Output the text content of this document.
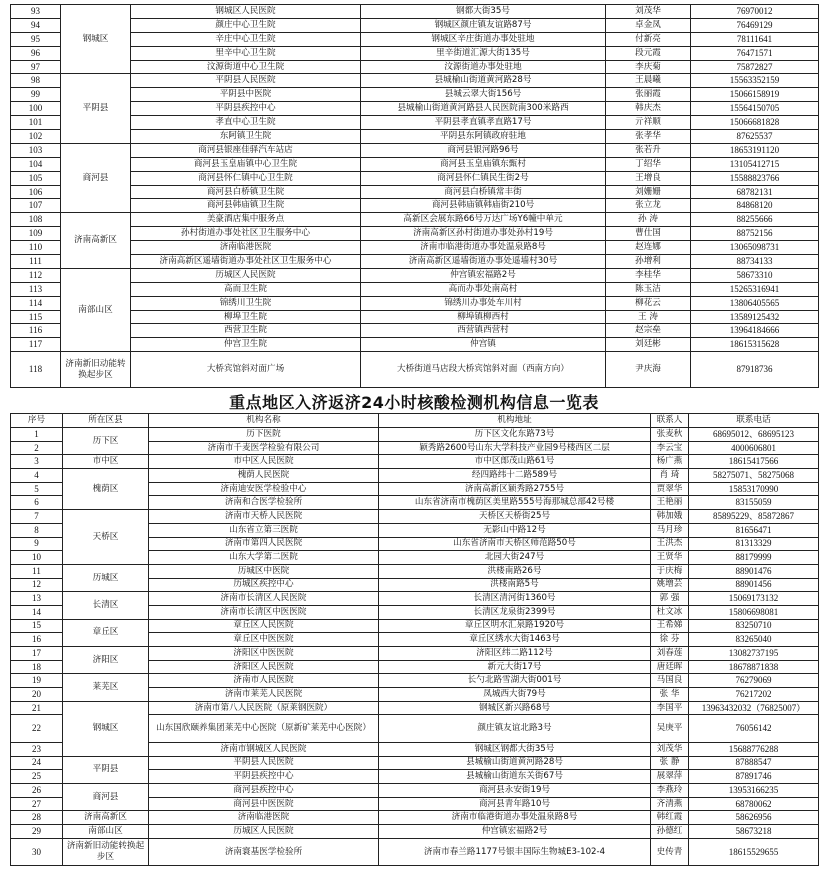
93	钢城区	钢城区人民医院	钢都大街35号	刘茂华	76970012
94		颜庄中心卫生院	钢城区颜庄镇友谊路87号	卓金凤	76469129
95		辛庄中心卫生院	钢城区辛庄街道办事处驻地	付新亮	78111641
96		里辛中心卫生院	里辛街道汇源大街135号	段元霞	76471571
97		汶源街道中心卫生院	汶源街道办事处驻地	李庆菊	75872827
98	平阴县	平阴县人民医院	县城榆山街道黄河路28号	王晨曦	15563352159
99		平阴县中医院	县城云翠大街156号	张丽霞	15066158919
100		平阴县疾控中心	县城榆山街道黄河路县人民医院南300米路西	韩庆杰	15564150705
101		孝直中心卫生院	平阴县孝直镇孝直路17号	亓祥顺	15066681828
102		东阿镇卫生院	平阴县东阿镇政府驻地	张孝华	87625537
103	商河县	商河县银座佳驿汽车站店	商河县银河路96号	张若升	18653191120
104		商河县玉皇庙镇中心卫生院	商河县玉皇庙镇东甄村	丁绍华	13105412715
105		商河县怀仁镇中心卫生院	商河县怀仁镇民生街2号	王增良	15588823766
106		商河县白桥镇卫生院	商河县白桥镇常丰街	刘姗姗	68782131
107		商河县韩庙镇卫生院	商河县韩庙镇韩庙街210号	张立龙	84868120
108	济南高新区	美豪酒店集中服务点	高新区会展东路66号万达广场Y6幢中单元	孙 涛	88255666
109		孙村街道办事处社区卫生服务中心	济南高新区孙村街道办事处孙村19号	曹仕国	88752156
110		济南临港医院	济南市临港街道办事处温泉路8号	赵连娜	13065098731
111		济南高新区遥墙街道办事处社区卫生服务中心	济南高新区遥墙街道办事处遥墙村30号	孙增利	88734133
112	南部山区	历城区人民医院	仲宫镇宏福路2号	李桂华	58673310
113		高而卫生院	高而办事处南高村	陈玉洁	15265316941
114		锦绣川卫生院	锦绣川办事处车川村	柳花云	13806405565
115		柳埠卫生院	柳埠镇柳西村	王 涛	13589125432
116		西营卫生院	西营镇西营村	赵宗垒	13964184666
117		仲宫卫生院	仲宫镇	刘廷彬	18615315628
118	济南新旧动能转换起步区	大桥宾馆斜对面广场	大桥街道马店段大桥宾馆斜对面（西南方向）	尹庆海	87918736
重点地区入济返济24小时核酸检测机构信息一览表
序号	所在区县	机构名称	机构地址	联系人	联系电话
1	历下区	历下医院	历下区文化东路73号	张麦秋	68695012、68695123
2		济南市千麦医学检验有限公司	颖秀路2600号山东大学科技产业园9号楼西区二层	李云宝	4000606801
3	市中区	市中区人民医院	市中区郎茂山路61号	杨广燕	18615417566
4	槐荫区	槐荫人民医院	经四路纬十二路589号	肖 琦	58275071、58275068
5		济南迪安医学检验中心	济南高新区颖秀路2755号	贾翠华	15853170990
6		济南和合医学检验所	山东省济南市槐荫区美里路555号海那城总部42号楼	王艳丽	83155059
7	天桥区	济南市天桥人民医院	天桥区天桥街25号	韩加娥	85895229、85872867
8		山东省立第三医院	无影山中路12号	马月珍	81656471
9		济南市第四人民医院	山东省济南市天桥区师范路50号	王洪杰	81313329
10		山东大学第二医院	北园大街247号	王贤华	88179999
11	历城区	历城区中医院	洪楼南路26号	于庆梅	88901476
12		历城区疾控中心	洪楼南路5号	姚增芸	88901456
13	长清区	济南市长清区人民医院	长清区清河街1360号	郭 强	15069173132
14		济南市长清区中医医院	长清区龙泉街2399号	杜文冰	15806698081
15	章丘区	章丘区人民医院	章丘区明水汇泉路1920号	王希娣	83250710
16		章丘区中医医院	章丘区绣水大街1463号	徐 芬	83265040
17	济阳区	济阳区中医医院	济阳区纬二路112号	刘春莲	13082737195
18		济阳区人民医院	新元大街17号	唐廷晖	18678871838
19	莱芜区	济南市人民医院	长勺北路雪湖大街001号	马国良	76279069
20		济南市莱芜人民医院	凤城西大街79号	张 华	76217202
21	钢城区	济南市第八人民医院（原莱钢医院）	钢城区新兴路68号	李国平	13963432032（76825007）
22		山东国欣颐养集团莱芜中心医院（原新矿莱芜中心医院）	颜庄镇友谊北路3号	吴庚平	76056142
23		济南市钢城区人民医院	钢城区钢都大街35号	刘茂华	15688776288
24	平阴县	平阴县人民医院	县城榆山街道黄河路28号	张 静	87888547
25		平阴县疾控中心	县城榆山街道东关街67号	展翠萍	87891746
26	商河县	商河县疾控中心	商河县永安街19号	李燕玲	13953166235
27		商河县中医医院	商河县青年路10号	齐清燕	68780062
28	济南高新区	济南临港医院	济南市临港街道办事处温泉路8号	韩红霞	58626956
29	南部山区	历城区人民医院	仲宫镇宏福路2号	孙德红	58673218
30	济南新旧动能转换起步区	济南寰基医学检验所	济南市春兰路1177号银丰国际生物城E3-102-4	史传青	18615529655
